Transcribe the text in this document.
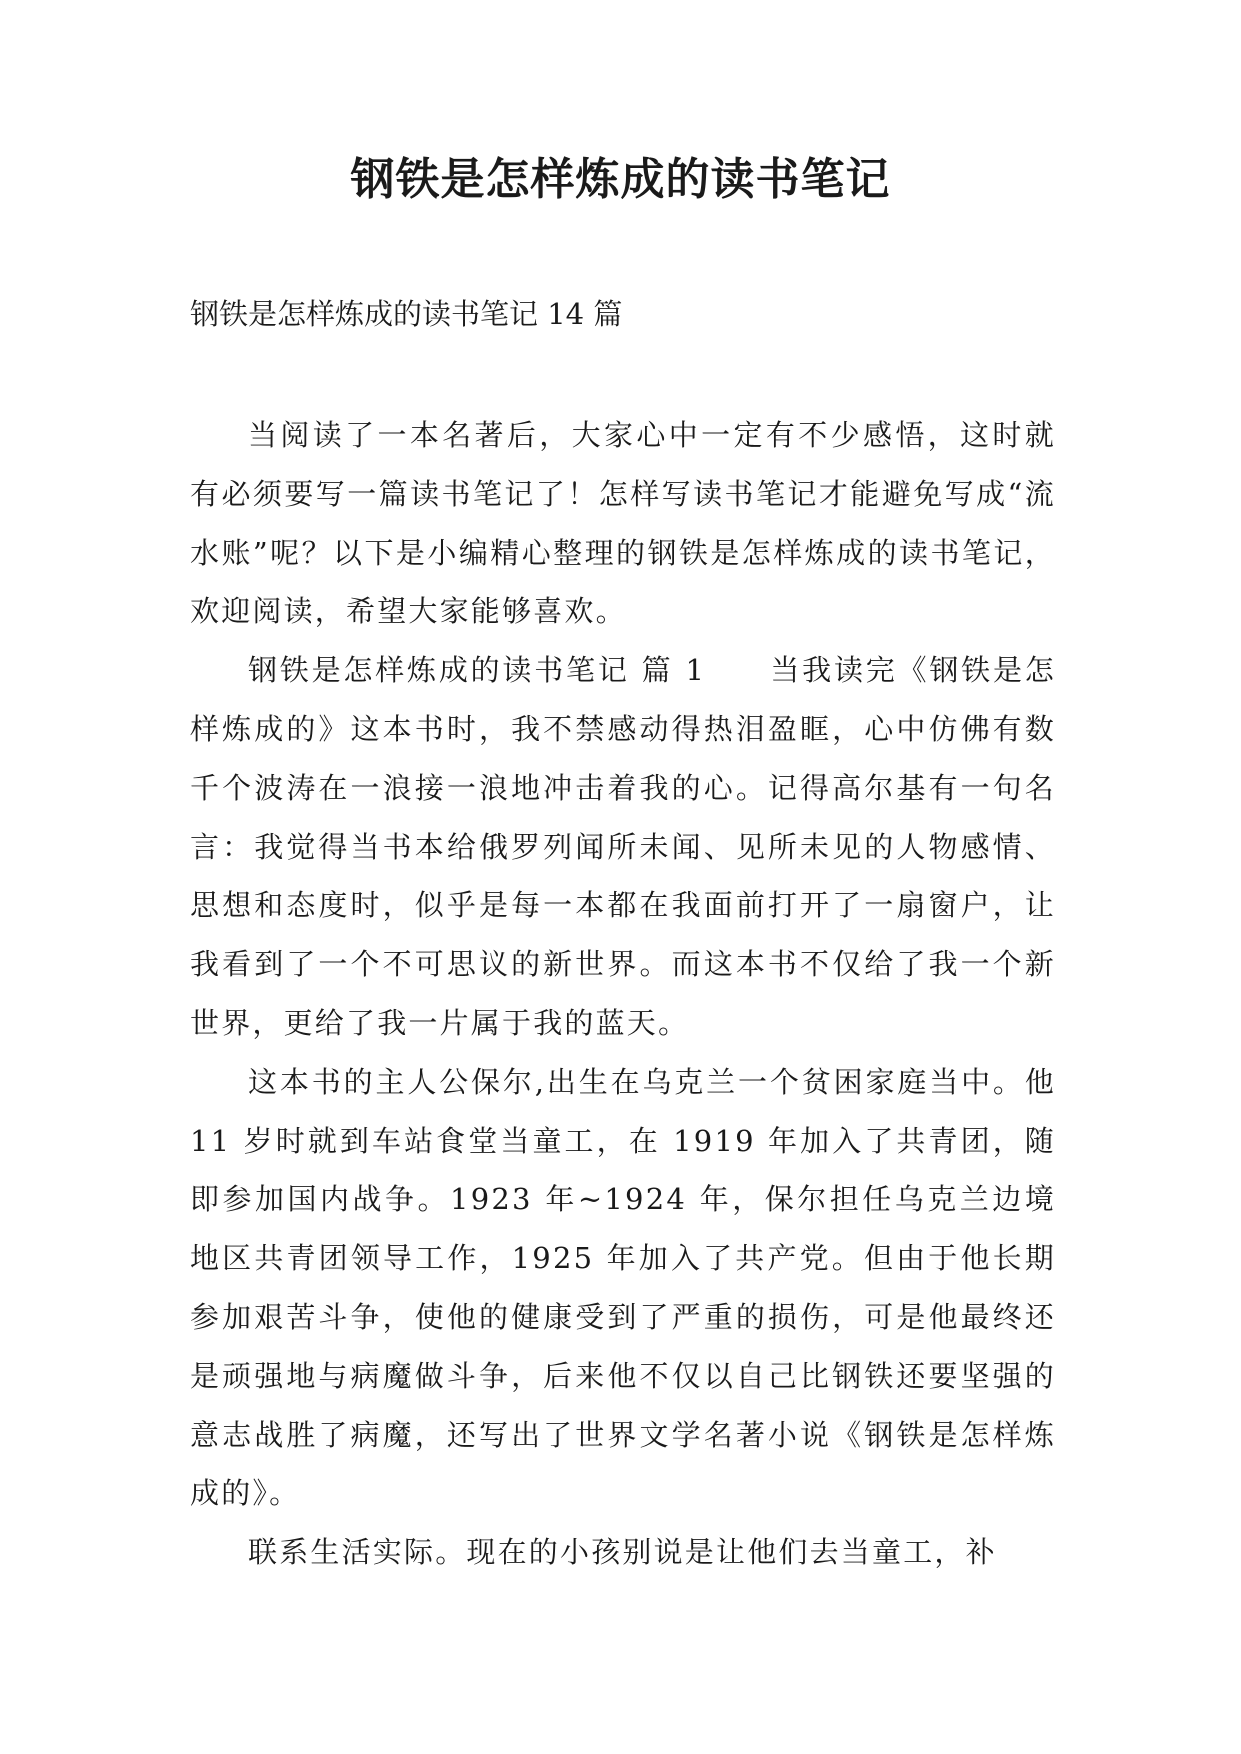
钢铁是怎样炼成的读书笔记

钢铁是怎样炼成的读书笔记 14 篇

当阅读了一本名著后，大家心中一定有不少感悟，这时就有必须要写一篇读书笔记了！怎样写读书笔记才能避免写成“流水账”呢？以下是小编精心整理的钢铁是怎样炼成的读书笔记，欢迎阅读，希望大家能够喜欢。

钢铁是怎样炼成的读书笔记 篇 1　　当我读完《钢铁是怎样炼成的》这本书时，我不禁感动得热泪盈眶，心中仿佛有数千个波涛在一浪接一浪地冲击着我的心。记得高尔基有一句名言：我觉得当书本给俄罗列闻所未闻、见所未见的人物感情、思想和态度时，似乎是每一本都在我面前打开了一扇窗户，让我看到了一个不可思议的新世界。而这本书不仅给了我一个新世界，更给了我一片属于我的蓝天。

这本书的主人公保尔,出生在乌克兰一个贫困家庭当中。他 11 岁时就到车站食堂当童工，在 1919 年加入了共青团，随即参加国内战争。1923 年~1924 年，保尔担任乌克兰边境地区共青团领导工作，1925 年加入了共产党。但由于他长期参加艰苦斗争，使他的健康受到了严重的损伤，可是他最终还是顽强地与病魔做斗争，后来他不仅以自己比钢铁还要坚强的意志战胜了病魔，还写出了世界文学名著小说《钢铁是怎样炼成的》。

联系生活实际。现在的小孩别说是让他们去当童工，补
